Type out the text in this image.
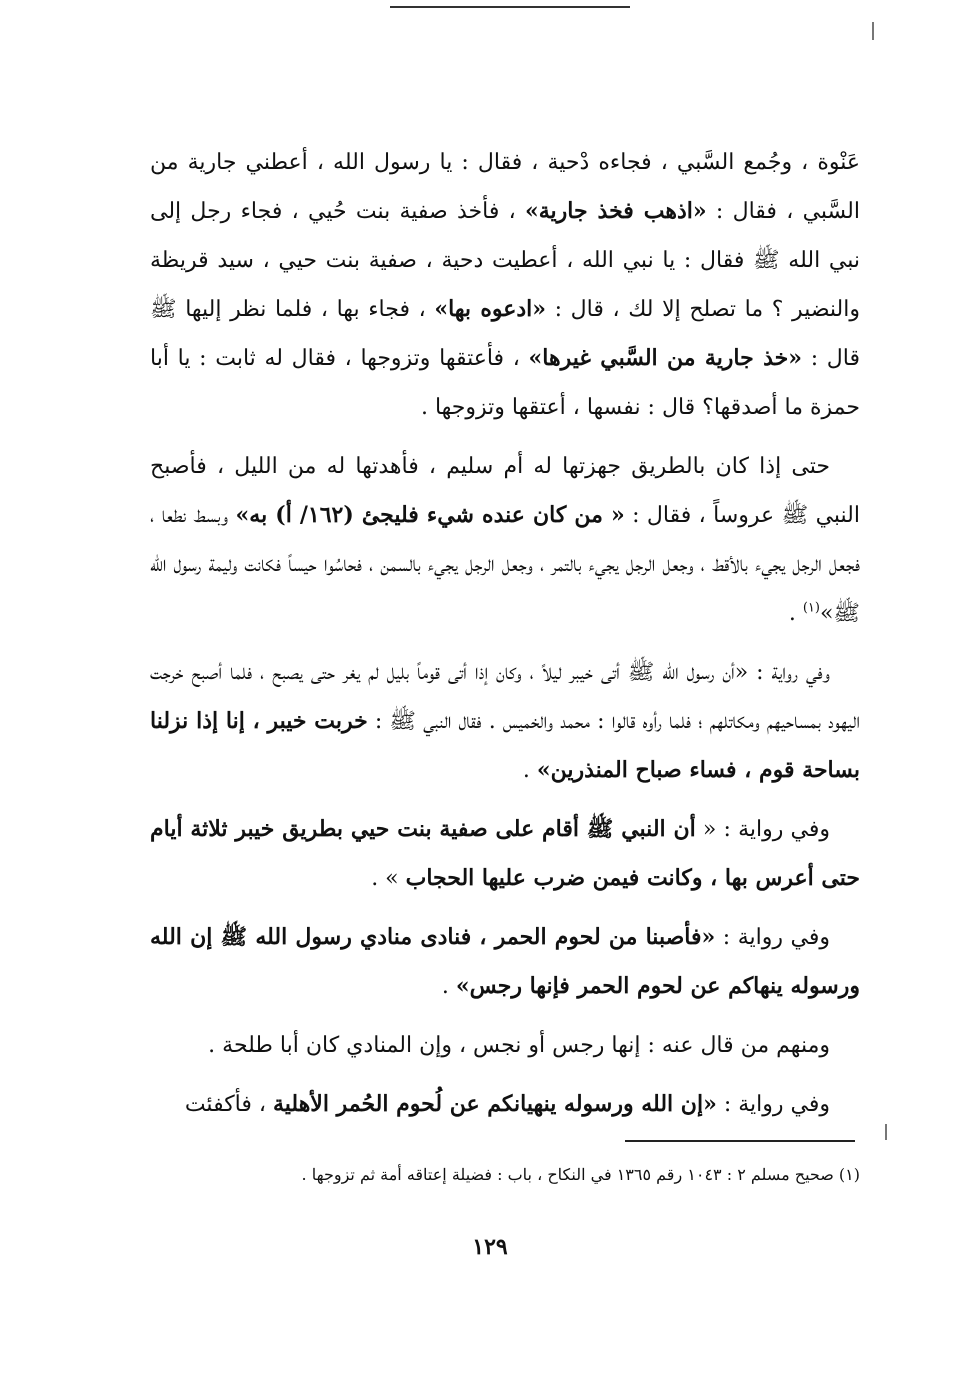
عَنْوة ، وجُمع السَّبي ، فجاءه دْحية ، فقال : يا رسول الله ، أعطني جارية من السَّبي ، فقال : «اذهب فخذ جارية» ، فأخذ صفية بنت حُيي ، فجاء رجل إلى نبي الله ﷺ فقال : يا نبي الله ، أعطيت دحية ، صفية بنت حيي ، سيد قريظة والنضير ؟ ما تصلح إلا لك ، قال : «ادعوه بها» ، فجاء بها ، فلما نظر إليها ﷺ قال : «خذ جارية من السَّبي غيرها» ، فأعتقها وتزوجها ، فقال له ثابت : يا أبا حمزة ما أصدقها؟ قال : نفسها ، أعتقها وتزوجها .

حتى إذا كان بالطريق جهزتها له أم سليم ، فأهدتها له من الليل ، فأصبح النبي ﷺ عروساً ، فقال : « من كان عنده شيء فليجئ (١٦٢/ أ) به» وبسط نطعا ، فجعل الرجل يجيء بالأقط ، وجعل الرجل يجيء بالتمر ، وجعل الرجل يجيء بالسمن ، فحاسُوا حيساً فكانت وليمة رسول الله ﷺ»$^{(١)}$ .

وفي رواية : «أن رسول الله ﷺ أتى خيبر ليلاً ، وكان إذا أتى قوماً بليل لم يغر حتى يصبح ، فلما أصبح خرجت اليهود بمساحيهم ومكاتلهم ؛ فلما رأوه قالوا : محمد والخميس . فقال النبي ﷺ : خربت خيبر ، إنا إذا نزلنا بساحة قوم ، فساء صباح المنذرين» .

وفي رواية : « أن النبي ﷺ أقام على صفية بنت حيي بطريق خيبر ثلاثة أيام حتى أعرس بها ، وكانت فيمن ضرب عليها الحجاب » .

وفي رواية : «فأصبنا من لحوم الحمر ، فنادى منادي رسول الله ﷺ إن الله ورسوله ينهاكم عن لحوم الحمر فإنها رجس» .

ومنهم من قال عنه : إنها رجس أو نجس ، وإن المنادي كان أبا طلحة .

وفي رواية : «إن الله ورسوله ينهيانكم عن لُحوم الحُمر الأهلية ، فأكفئت

(١) صحيح مسلم ٢ : ١٠٤٣ رقم ١٣٦٥ في النكاح ، باب : فضيلة إعتاقه أمة ثم تزوجها .
١٢٩
